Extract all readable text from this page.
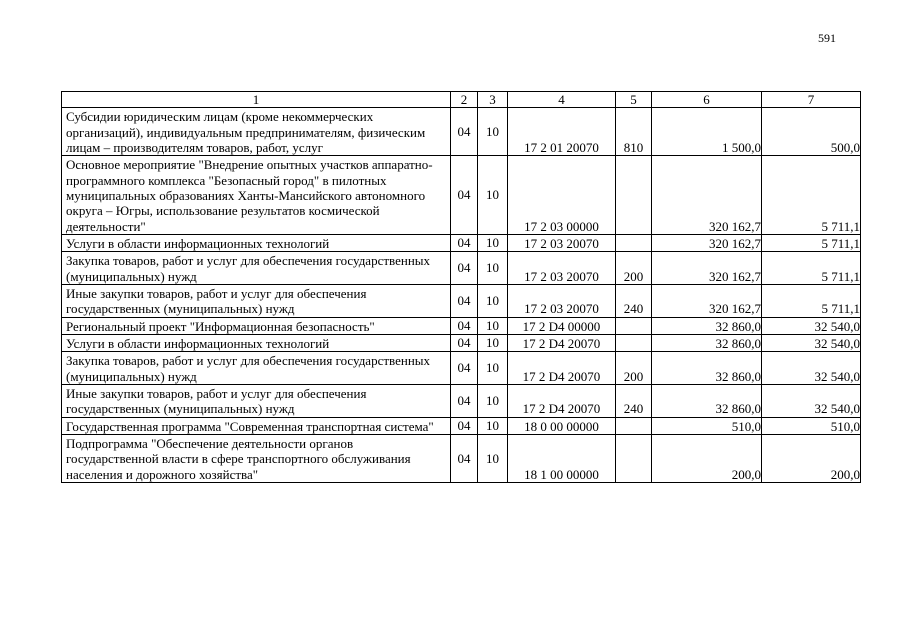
591
1	2	3	4	5	6	7
Субсидии юридическим лицам (кроме некоммерческих организаций), индивидуальным предпринимателям, физическим лицам – производителям товаров, работ, услуг	04	10	17 2 01 20070	810	1 500,0	500,0
Основное мероприятие "Внедрение опытных участков аппаратно-программного комплекса "Безопасный город" в пилотных муниципальных образованиях Ханты-Мансийского автономного округа – Югры, использование результатов космической деятельности"	04	10	17 2 03 00000		320 162,7	5 711,1
Услуги в области информационных технологий	04	10	17 2 03 20070		320 162,7	5 711,1
Закупка товаров, работ и услуг для обеспечения государственных (муниципальных) нужд	04	10	17 2 03 20070	200	320 162,7	5 711,1
Иные закупки товаров, работ и услуг для обеспечения государственных (муниципальных) нужд	04	10	17 2 03 20070	240	320 162,7	5 711,1
Региональный проект "Информационная безопасность"	04	10	17 2 D4 00000		32 860,0	32 540,0
Услуги в области информационных технологий	04	10	17 2 D4 20070		32 860,0	32 540,0
Закупка товаров, работ и услуг для обеспечения государственных (муниципальных) нужд	04	10	17 2 D4 20070	200	32 860,0	32 540,0
Иные закупки товаров, работ и услуг для обеспечения государственных (муниципальных) нужд	04	10	17 2 D4 20070	240	32 860,0	32 540,0
Государственная программа "Современная транспортная система"	04	10	18 0 00 00000		510,0	510,0
Подпрограмма "Обеспечение деятельности органов государственной власти в сфере транспортного обслуживания населения и дорожного хозяйства"	04	10	18 1 00 00000		200,0	200,0
